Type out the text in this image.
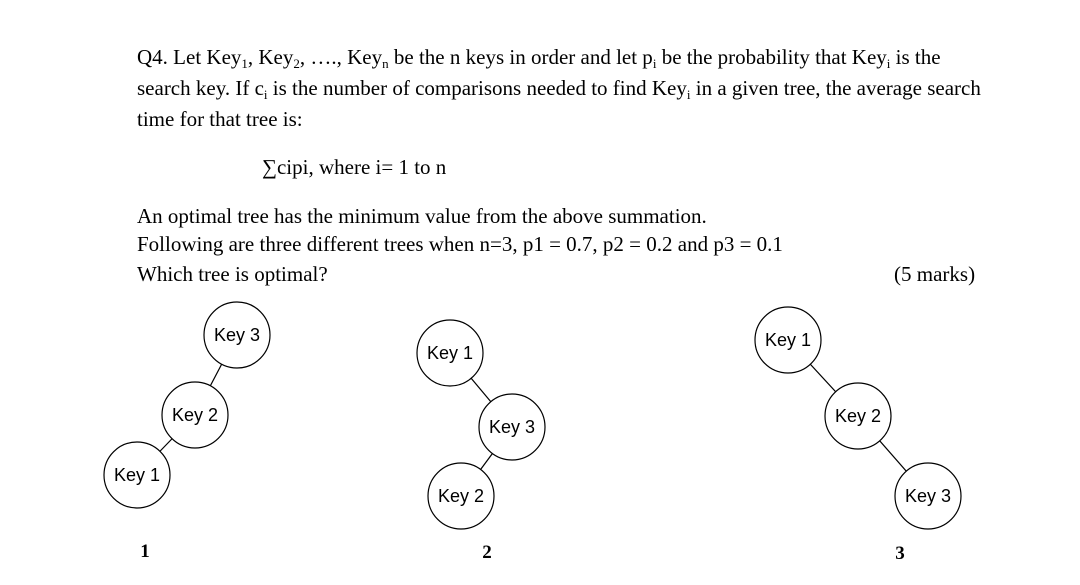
Q4. Let Key$_1$, Key$_2$, …., Key$_n$ be the n keys in order and let $p_i$ be the probability that Key$_i$ is the
search key. If $c_i$ is the number of comparisons needed to find Key$_i$ in a given tree, the average search
time for that tree is:
∑cipi, where i= 1 to n
An optimal tree has the minimum value from the above summation.
Following are three different trees when n=3, p1 = 0.7, p2 = 0.2 and p3 = 0.1
Which tree is optimal?	(5 marks)
Key 3
Key 2
Key 1
1
Key 1
Key 3
Key 2
2
Key 1
Key 2
Key 3
3
